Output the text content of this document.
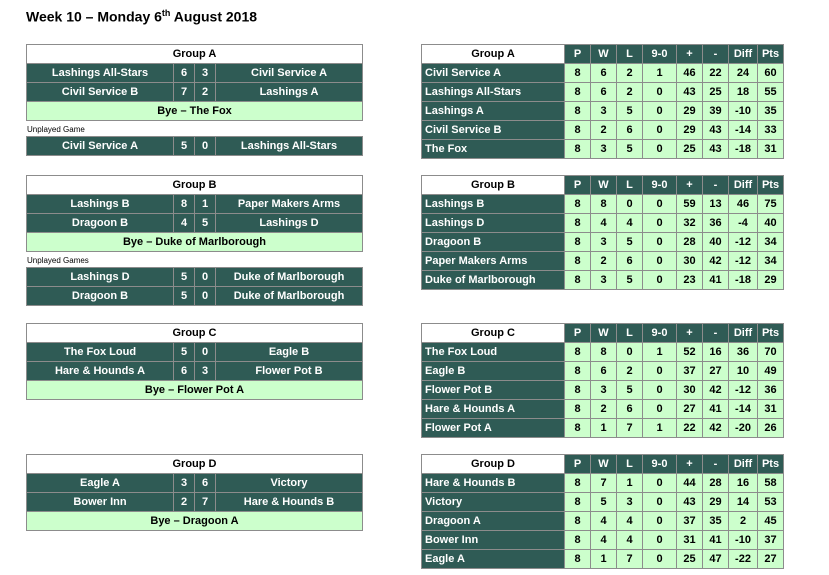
Week 10 – Monday 6th August 2018
Group A			
Lashings All-Stars	6	3	Civil Service A
Civil Service B	7	2	Lashings A
Bye – The Fox			
Unplayed Game
Civil Service A	5	0	Lashings All-Stars
Group B			
Lashings B	8	1	Paper Makers Arms
Dragoon B	4	5	Lashings D
Bye – Duke of Marlborough			
Unplayed Games
Lashings D	5	0	Duke of Marlborough
Dragoon B	5	0	Duke of Marlborough
Group C			
The Fox Loud	5	0	Eagle B
Hare & Hounds A	6	3	Flower Pot B
Bye – Flower Pot A			
Group D			
Eagle A	3	6	Victory
Bower Inn	2	7	Hare & Hounds B
Bye – Dragoon A			
Group A	P	W	L	9-0	+	-	Diff	Pts
Civil Service A	8	6	2	1	46	22	24	60
Lashings All-Stars	8	6	2	0	43	25	18	55
Lashings A	8	3	5	0	29	39	-10	35
Civil Service B	8	2	6	0	29	43	-14	33
The Fox	8	3	5	0	25	43	-18	31
Group B	P	W	L	9-0	+	-	Diff	Pts
Lashings B	8	8	0	0	59	13	46	75
Lashings D	8	4	4	0	32	36	-4	40
Dragoon B	8	3	5	0	28	40	-12	34
Paper Makers Arms	8	2	6	0	30	42	-12	34
Duke of Marlborough	8	3	5	0	23	41	-18	29
Group C	P	W	L	9-0	+	-	Diff	Pts
The Fox Loud	8	8	0	1	52	16	36	70
Eagle B	8	6	2	0	37	27	10	49
Flower Pot B	8	3	5	0	30	42	-12	36
Hare & Hounds A	8	2	6	0	27	41	-14	31
Flower Pot A	8	1	7	1	22	42	-20	26
Group D	P	W	L	9-0	+	-	Diff	Pts
Hare & Hounds B	8	7	1	0	44	28	16	58
Victory	8	5	3	0	43	29	14	53
Dragoon A	8	4	4	0	37	35	2	45
Bower Inn	8	4	4	0	31	41	-10	37
Eagle A	8	1	7	0	25	47	-22	27
